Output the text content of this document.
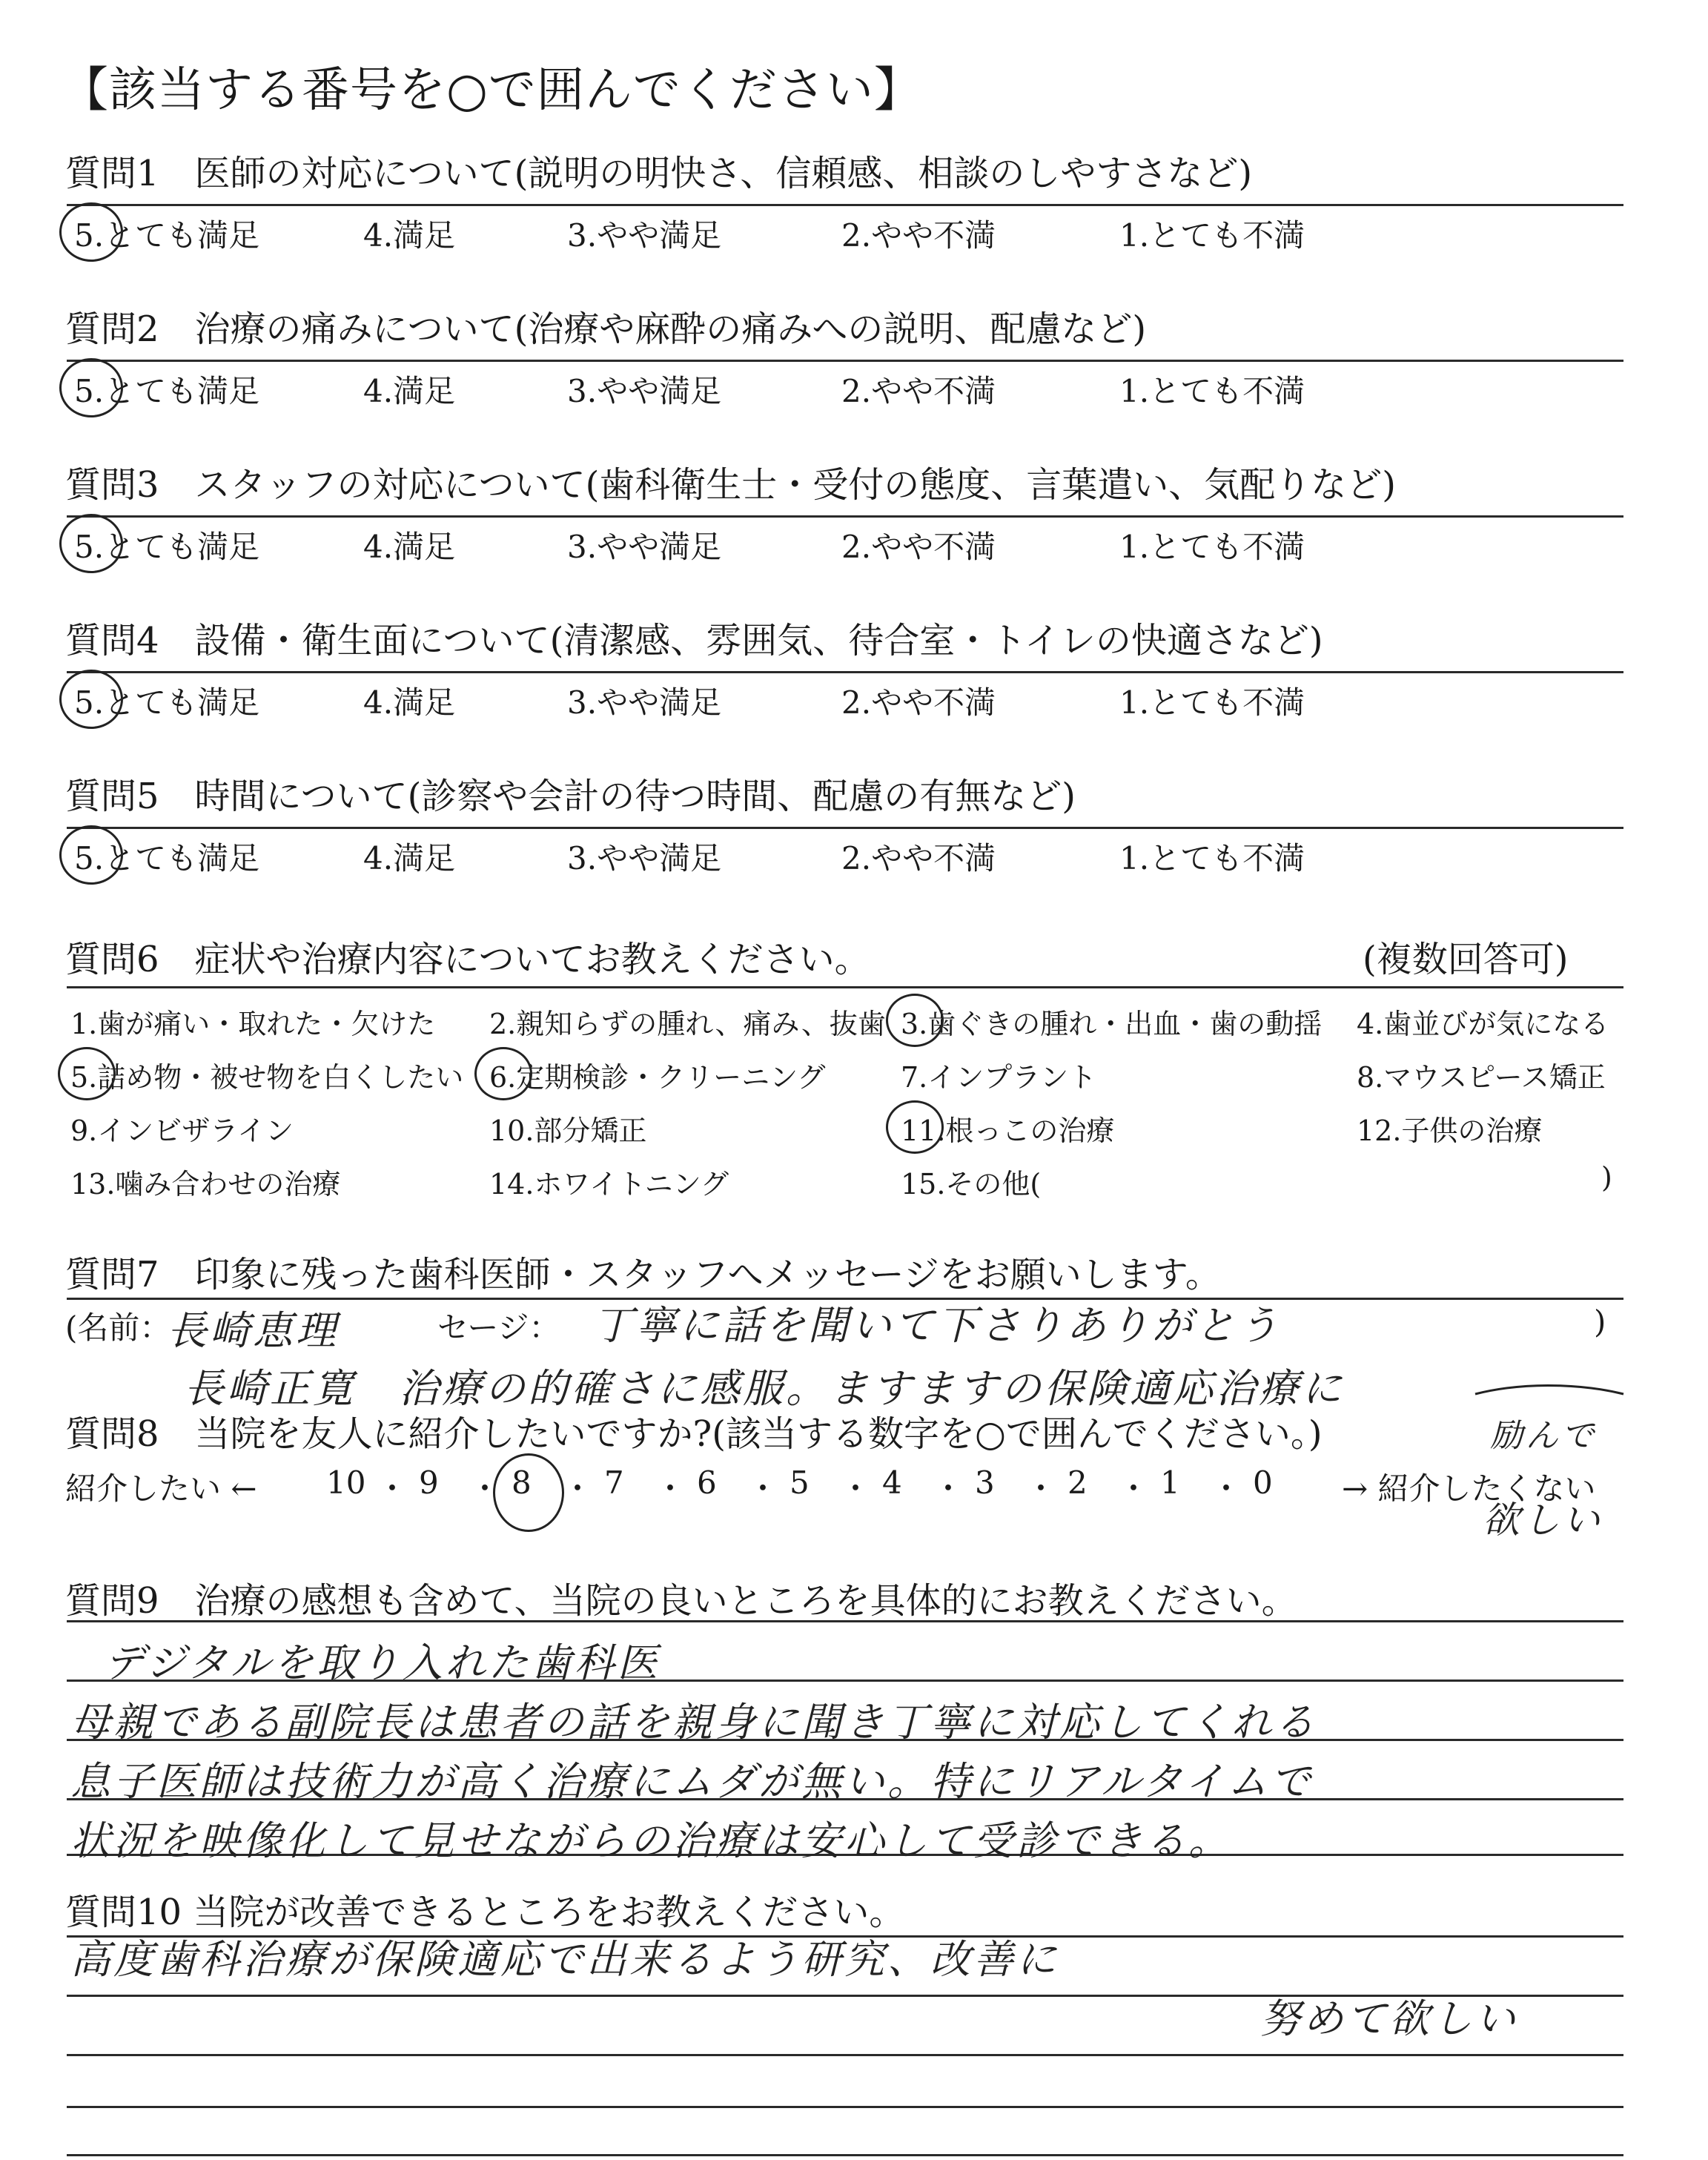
【該当する番号を○で囲んでください】
質問1　医師の対応について(説明の明快さ、信頼感、相談のしやすさなど)
5.とても満足	4.満足	3.やや満足	2.やや不満	1.とても不満
質問2　治療の痛みについて(治療や麻酔の痛みへの説明、配慮など)
5.とても満足	4.満足	3.やや満足	2.やや不満	1.とても不満
質問3　スタッフの対応について(歯科衛生士・受付の態度、言葉遣い、気配りなど)
5.とても満足	4.満足	3.やや満足	2.やや不満	1.とても不満
質問4　設備・衛生面について(清潔感、雰囲気、待合室・トイレの快適さなど)
5.とても満足	4.満足	3.やや満足	2.やや不満	1.とても不満
質問5　時間について(診察や会計の待つ時間、配慮の有無など)
5.とても満足	4.満足	3.やや満足	2.やや不満	1.とても不満
質問6　症状や治療内容についてお教えください。	(複数回答可)
1.歯が痛い・取れた・欠けた 2.親知らずの腫れ、痛み、抜歯 3.歯ぐきの腫れ・出血・歯の動揺 4.歯並びが気になる
5.詰め物・被せ物を白くしたい 6.定期検診・クリーニング	7.インプラント	8.マウスピース矯正
9.インビザライン	10.部分矯正	11.根っこの治療	12.子供の治療
13.噛み合わせの治療	14.ホワイトニング	15.その他(	)
質問7　印象に残った歯科医師・スタッフへメッセージをお願いします。
(名前：	セージ：	)
長崎恵理	丁寧に話を聞いて下さりありがとう
長崎正寛　治療の的確さに感服。ますますの保険適応治療に
励んで
欲しい
質問8　当院を友人に紹介したいですか?(該当する数字を○で囲んでください。)
紹介したい ← 10 ・ 9 ・ 8 ・ 7 ・ 6 ・ 5 ・ 4 ・ 3 ・ 2 ・ 1 ・ 0 → 紹介したくない
質問9　治療の感想も含めて、当院の良いところを具体的にお教えください。
デジタルを取り入れた歯科医
母親である副院長は患者の話を親身に聞き丁寧に対応してくれる
息子医師は技術力が高く治療にムダが無い。特にリアルタイムで
状況を映像化して見せながらの治療は安心して受診できる。
質問10 当院が改善できるところをお教えください。
高度歯科治療が保険適応で出来るよう研究、改善に
努めて欲しい
